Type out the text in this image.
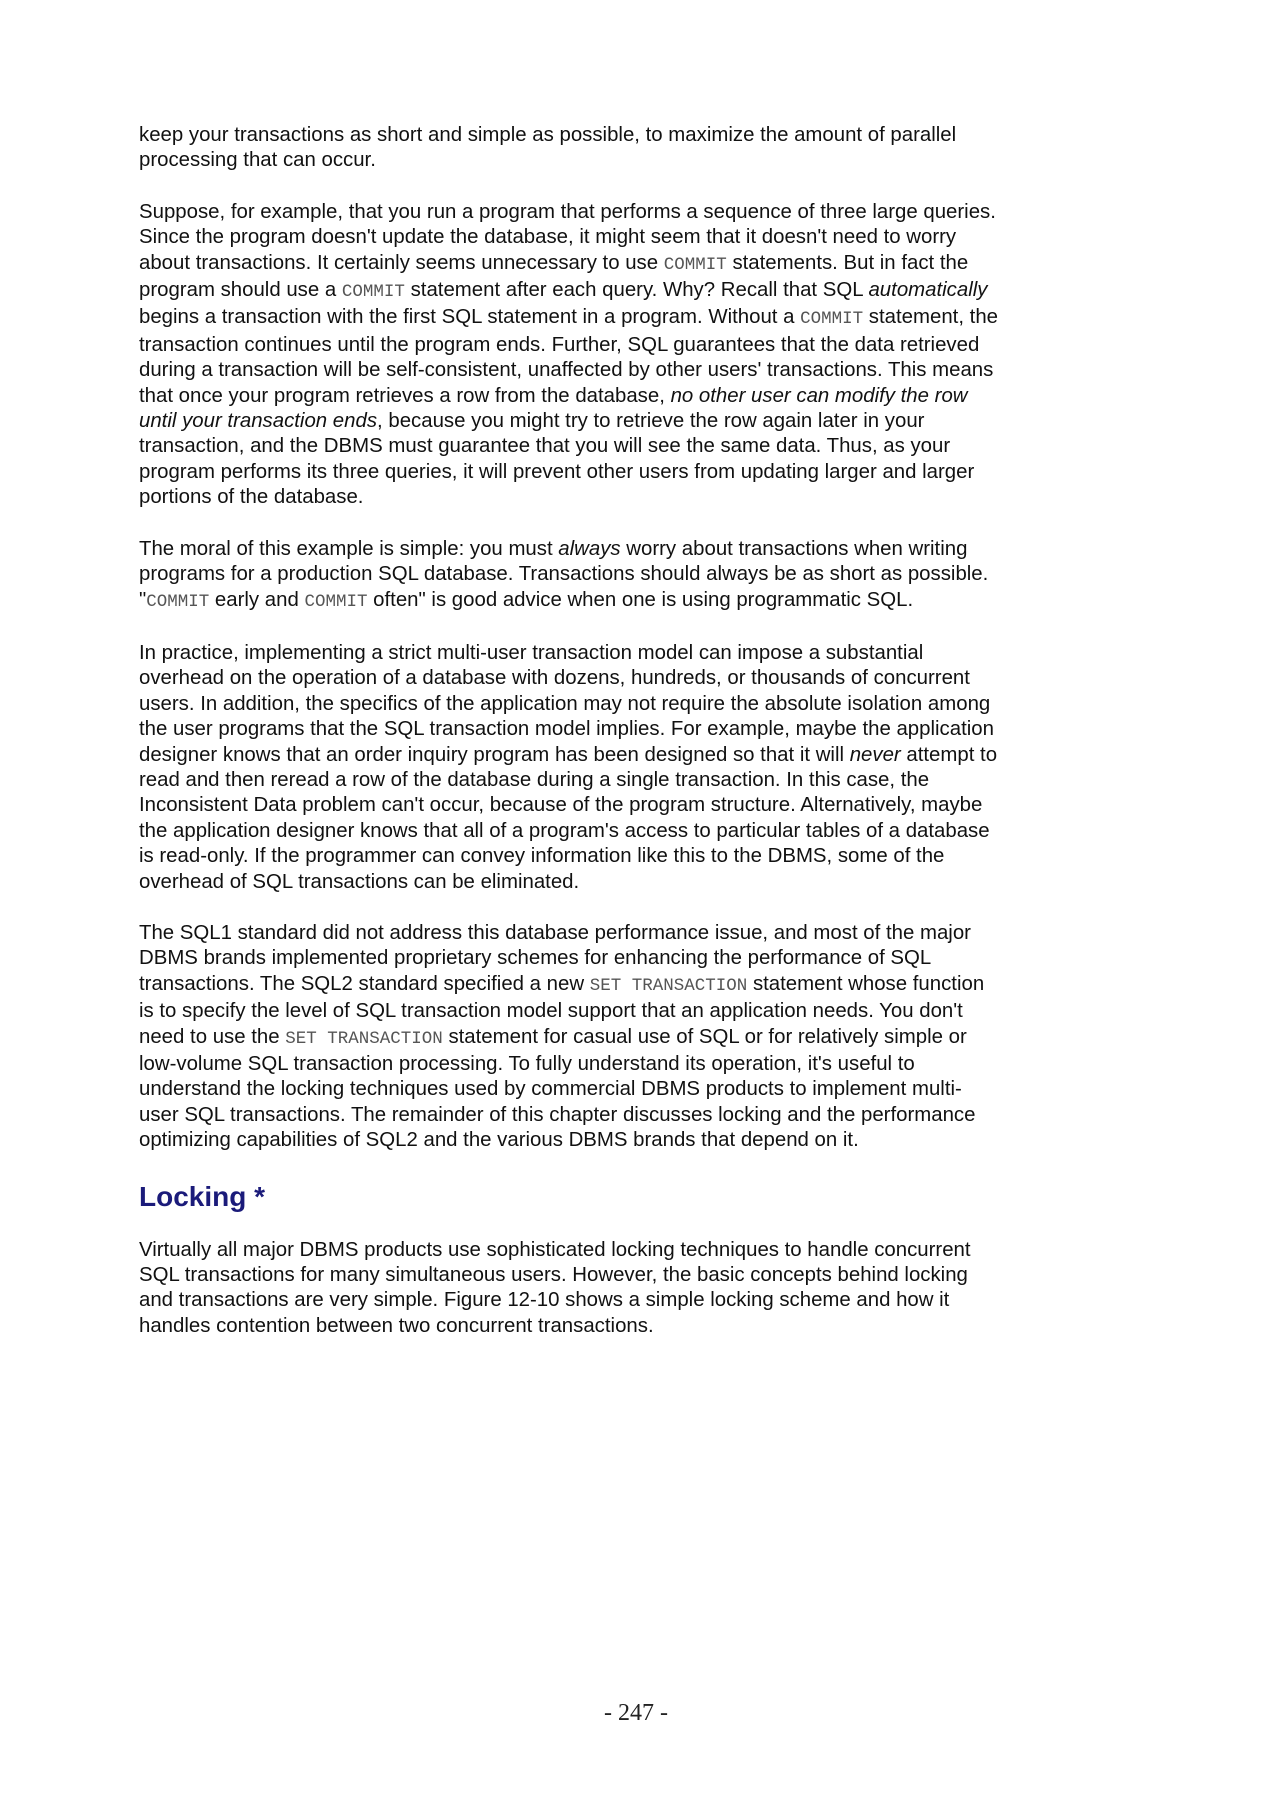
keep your transactions as short and simple as possible, to maximize the amount of parallel processing that can occur.

Suppose, for example, that you run a program that performs a sequence of three large queries. Since the program doesn't update the database, it might seem that it doesn't need to worry about transactions. It certainly seems unnecessary to use COMMIT statements. But in fact the program should use a COMMIT statement after each query. Why? Recall that SQL automatically begins a transaction with the first SQL statement in a program. Without a COMMIT statement, the transaction continues until the program ends. Further, SQL guarantees that the data retrieved during a transaction will be self-consistent, unaffected by other users' transactions. This means that once your program retrieves a row from the database, no other user can modify the row until your transaction ends, because you might try to retrieve the row again later in your transaction, and the DBMS must guarantee that you will see the same data. Thus, as your program performs its three queries, it will prevent other users from updating larger and larger portions of the database.

The moral of this example is simple: you must always worry about transactions when writing programs for a production SQL database. Transactions should always be as short as possible. "COMMIT early and COMMIT often" is good advice when one is using programmatic SQL.

In practice, implementing a strict multi-user transaction model can impose a substantial overhead on the operation of a database with dozens, hundreds, or thousands of concurrent users. In addition, the specifics of the application may not require the absolute isolation among the user programs that the SQL transaction model implies. For example, maybe the application designer knows that an order inquiry program has been designed so that it will never attempt to read and then reread a row of the database during a single transaction. In this case, the Inconsistent Data problem can't occur, because of the program structure. Alternatively, maybe the application designer knows that all of a program's access to particular tables of a database is read-only. If the programmer can convey information like this to the DBMS, some of the overhead of SQL transactions can be eliminated.

The SQL1 standard did not address this database performance issue, and most of the major DBMS brands implemented proprietary schemes for enhancing the performance of SQL transactions. The SQL2 standard specified a new SET TRANSACTION statement whose function is to specify the level of SQL transaction model support that an application needs. You don't need to use the SET TRANSACTION statement for casual use of SQL or for relatively simple or low-volume SQL transaction processing. To fully understand its operation, it's useful to understand the locking techniques used by commercial DBMS products to implement multi-user SQL transactions. The remainder of this chapter discusses locking and the performance optimizing capabilities of SQL2 and the various DBMS brands that depend on it.

Locking *

Virtually all major DBMS products use sophisticated locking techniques to handle concurrent SQL transactions for many simultaneous users. However, the basic concepts behind locking and transactions are very simple. Figure 12-10 shows a simple locking scheme and how it handles contention between two concurrent transactions.

- 247 -
